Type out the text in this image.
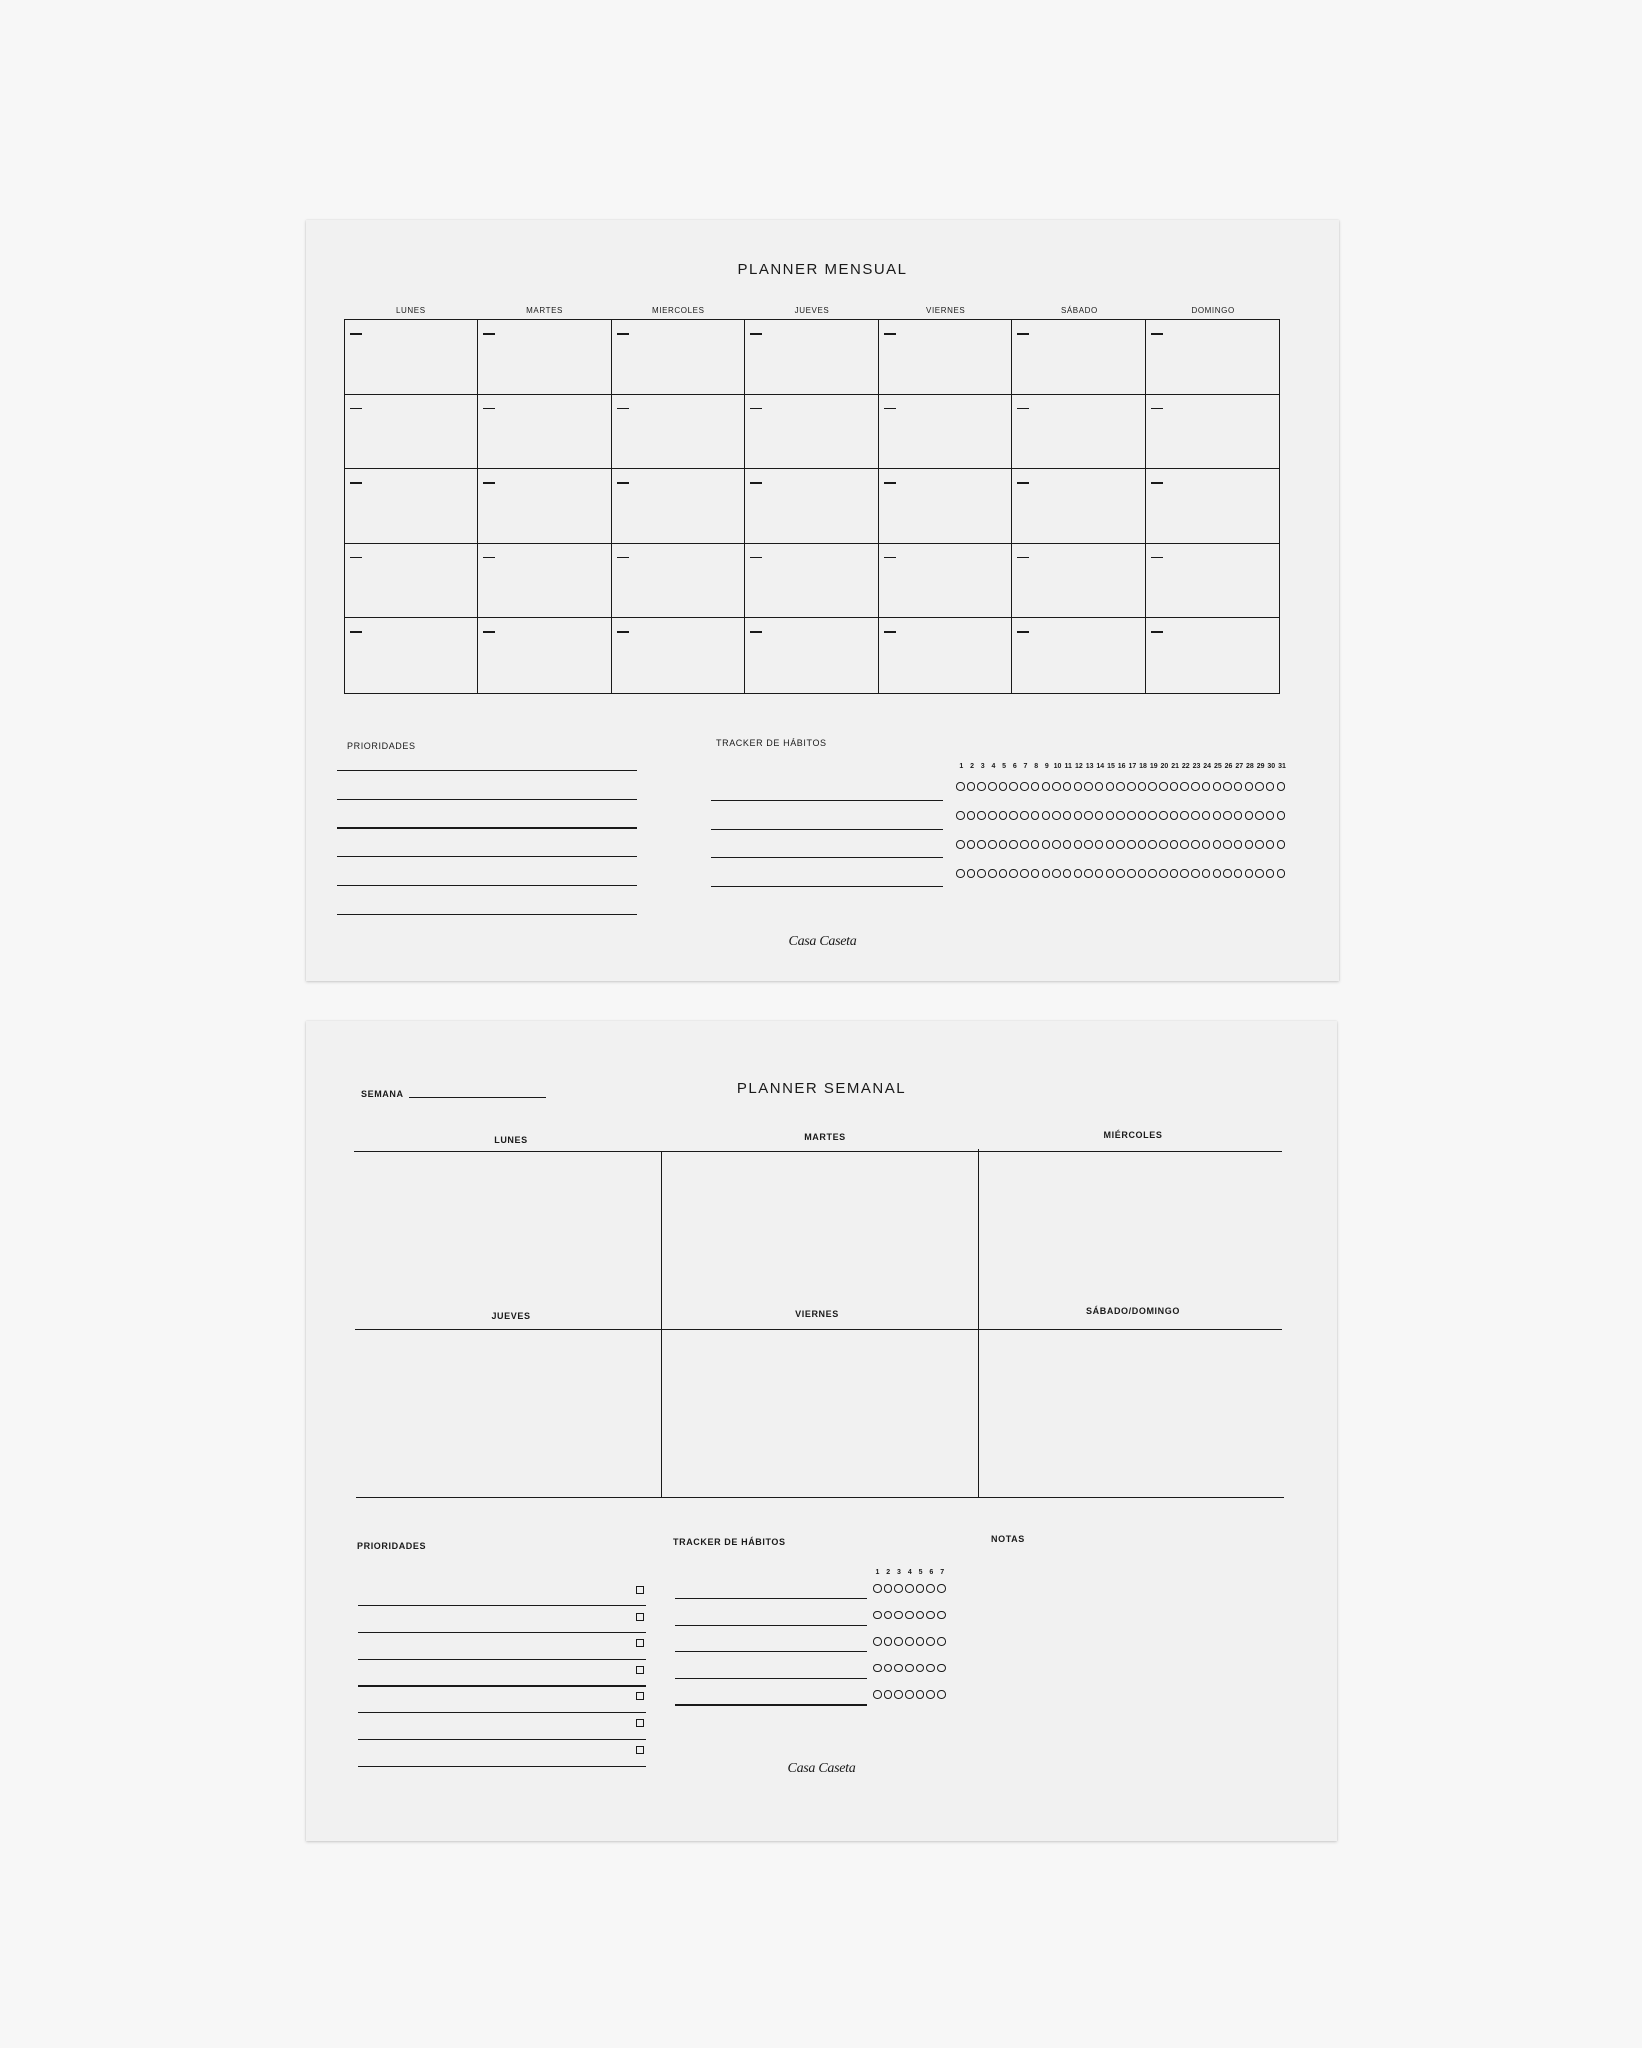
PLANNER MENSUAL
LUNES	MARTES	MIERCOLES	JUEVES	VIERNES	SÁBADO	DOMINGO
PRIORIDADES	TRACKER DE HÁBITOS
1 2 3 4 5 6 7 8 9 10 11 12 13 14 15 16 17 18 19 20 21 22 23 24 25 26 27 28 29 30 31
Casa Caseta
SEMANA	PLANNER SEMANAL
PRIORIDADES	TRACKER DE HÁBITOS	NOTAS
Casa Caseta
LUNES	MARTES	MIÉRCOLES
JUEVES	VIERNES	SÁBADO/DOMINGO
1 2 3 4 5 6 7
